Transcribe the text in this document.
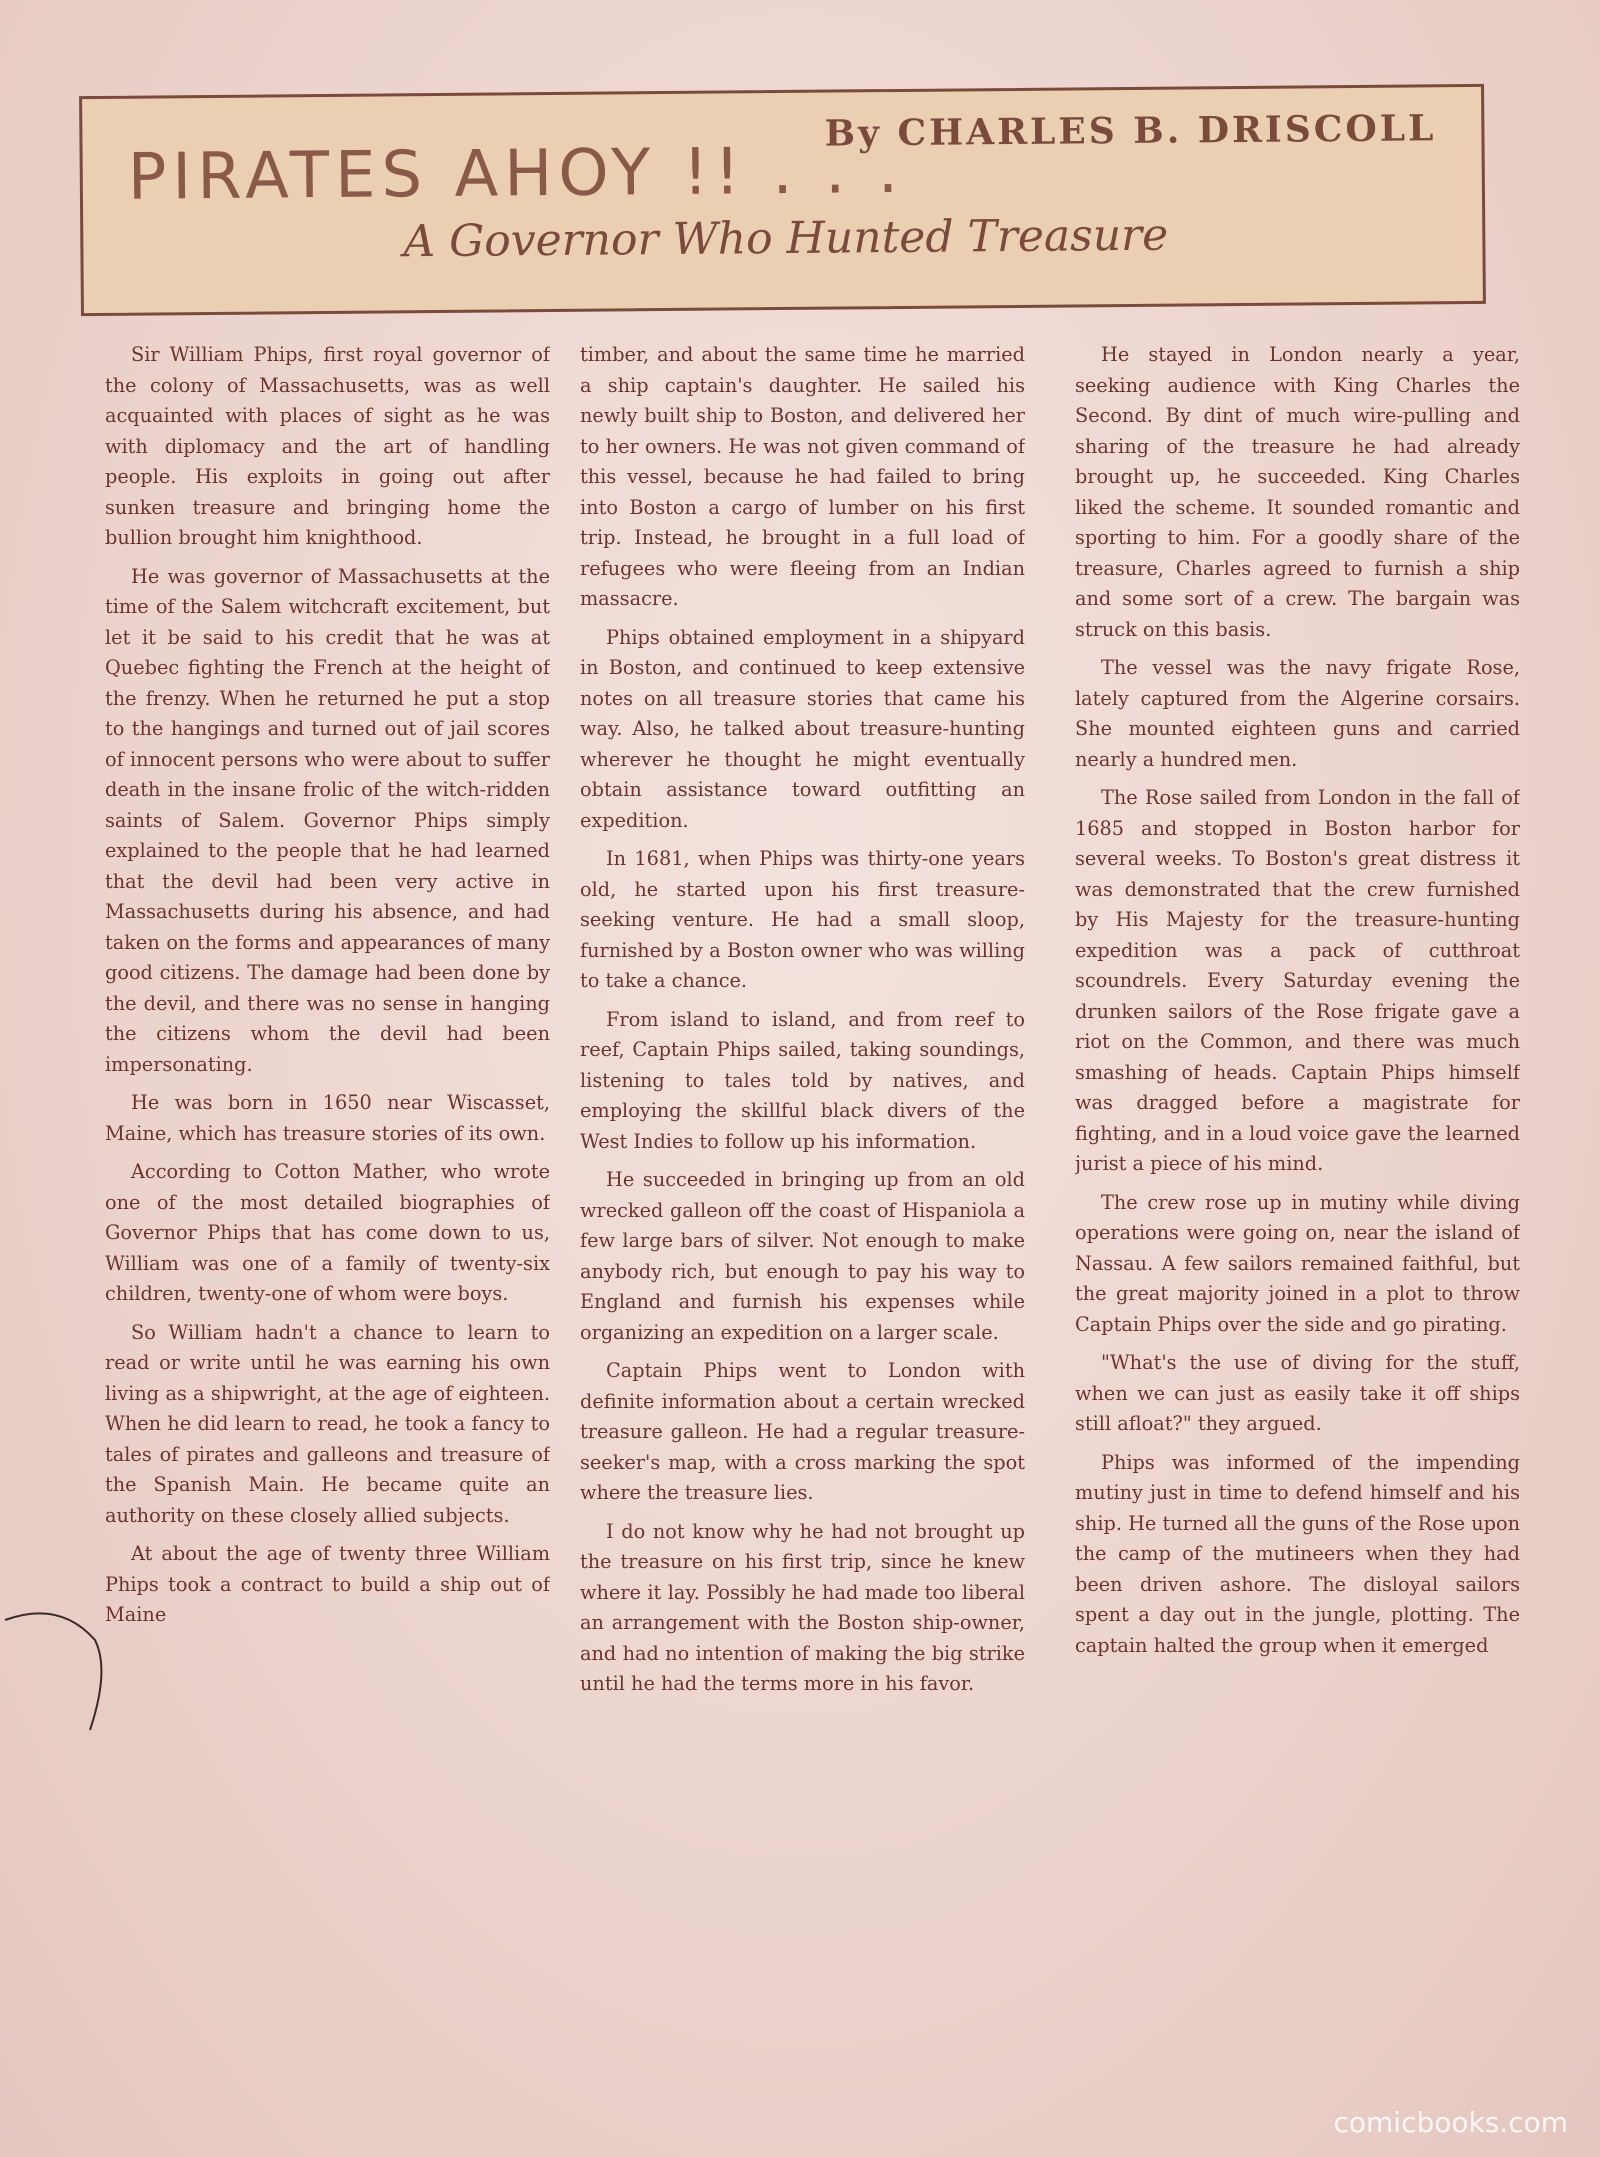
PIRATES AHOY !! . . .
By CHARLES B. DRISCOLL
A Governor Who Hunted Treasure

Sir William Phips, first royal governor of the colony of Massachusetts, was as well acquainted with places of sight as he was with diplomacy and the art of handling people. His exploits in going out after sunken treasure and bringing home the bullion brought him knighthood.

He was governor of Massachusetts at the time of the Salem witchcraft excitement, but let it be said to his credit that he was at Quebec fighting the French at the height of the frenzy. When he returned he put a stop to the hangings and turned out of jail scores of innocent persons who were about to suffer death in the insane frolic of the witch-ridden saints of Salem. Governor Phips simply explained to the people that he had learned that the devil had been very active in Massachusetts during his absence, and had taken on the forms and appearances of many good citizens. The damage had been done by the devil, and there was no sense in hanging the citizens whom the devil had been impersonating.

He was born in 1650 near Wiscasset, Maine, which has treasure stories of its own.

According to Cotton Mather, who wrote one of the most detailed biographies of Governor Phips that has come down to us, William was one of a family of twenty-six children, twenty-one of whom were boys.

So William hadn't a chance to learn to read or write until he was earning his own living as a shipwright, at the age of eighteen. When he did learn to read, he took a fancy to tales of pirates and galleons and treasure of the Spanish Main. He became quite an authority on these closely allied subjects.

At about the age of twenty three William Phips took a contract to build a ship out of Maine

timber, and about the same time he married a ship captain's daughter. He sailed his newly built ship to Boston, and delivered her to her owners. He was not given command of this vessel, because he had failed to bring into Boston a cargo of lumber on his first trip. Instead, he brought in a full load of refugees who were fleeing from an Indian massacre.

Phips obtained employment in a shipyard in Boston, and continued to keep extensive notes on all treasure stories that came his way. Also, he talked about treasure-hunting wherever he thought he might eventually obtain assistance toward outfitting an expedition.

In 1681, when Phips was thirty-one years old, he started upon his first treasure-seeking venture. He had a small sloop, furnished by a Boston owner who was willing to take a chance.

From island to island, and from reef to reef, Captain Phips sailed, taking soundings, listening to tales told by natives, and employing the skillful black divers of the West Indies to follow up his information.

He succeeded in bringing up from an old wrecked galleon off the coast of Hispaniola a few large bars of silver. Not enough to make anybody rich, but enough to pay his way to England and furnish his expenses while organizing an expedition on a larger scale.

Captain Phips went to London with definite information about a certain wrecked treasure galleon. He had a regular treasure-seeker's map, with a cross marking the spot where the treasure lies.

I do not know why he had not brought up the treasure on his first trip, since he knew where it lay. Possibly he had made too liberal an arrangement with the Boston ship-owner, and had no intention of making the big strike until he had the terms more in his favor.

He stayed in London nearly a year, seeking audience with King Charles the Second. By dint of much wire-pulling and sharing of the treasure he had already brought up, he succeeded. King Charles liked the scheme. It sounded romantic and sporting to him. For a goodly share of the treasure, Charles agreed to furnish a ship and some sort of a crew. The bargain was struck on this basis.

The vessel was the navy frigate Rose, lately captured from the Algerine corsairs. She mounted eighteen guns and carried nearly a hundred men.

The Rose sailed from London in the fall of 1685 and stopped in Boston harbor for several weeks. To Boston's great distress it was demonstrated that the crew furnished by His Majesty for the treasure-hunting expedition was a pack of cutthroat scoundrels. Every Saturday evening the drunken sailors of the Rose frigate gave a riot on the Common, and there was much smashing of heads. Captain Phips himself was dragged before a magistrate for fighting, and in a loud voice gave the learned jurist a piece of his mind.

The crew rose up in mutiny while diving operations were going on, near the island of Nassau. A few sailors remained faithful, but the great majority joined in a plot to throw Captain Phips over the side and go pirating.

"What's the use of diving for the stuff, when we can just as easily take it off ships still afloat?" they argued.

Phips was informed of the impending mutiny just in time to defend himself and his ship. He turned all the guns of the Rose upon the camp of the mutineers when they had been driven ashore. The disloyal sailors spent a day out in the jungle, plotting. The captain halted the group when it emerged

comicbooks.com
